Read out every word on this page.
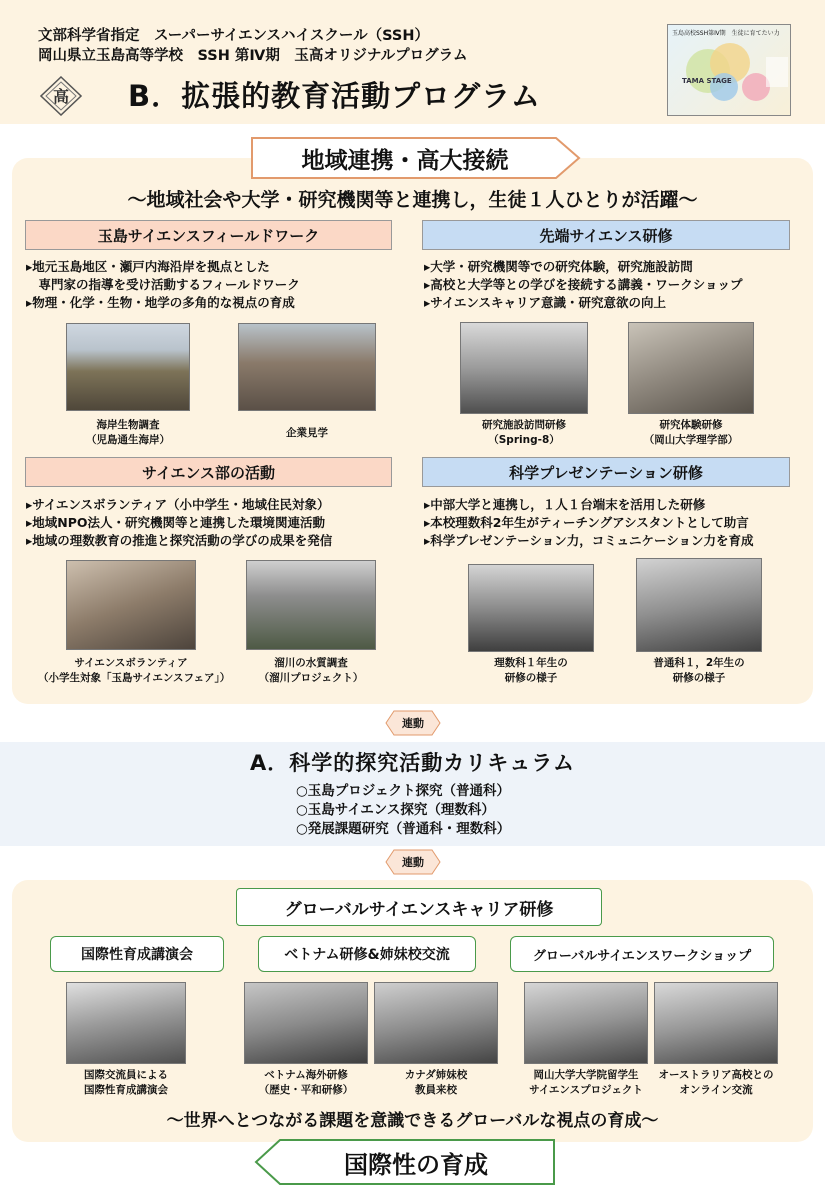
文部科学省指定　スーパーサイエンスハイスクール（SSH）
岡山県立玉島高等学校　SSH 第Ⅳ期　玉高オリジナルプログラム
高 B．拡張的教育活動プログラム
玉島高校SSH第Ⅳ期　生徒に育てたい力
TAMA STAGE
地域連携・高大接続
～地域社会や大学・研究機関等と連携し，生徒１人ひとりが活躍～
玉島サイエンスフィールドワーク
▸地元玉島地区・瀬戸内海沿岸を拠点とした
　専門家の指導を受け活動するフィールドワーク
▸物理・化学・生物・地学の多角的な視点の育成
海岸生物調査
（児島通生海岸）
企業見学
先端サイエンス研修
▸大学・研究機関等での研究体験，研究施設訪問
▸高校と大学等との学びを接続する講義・ワークショップ
▸サイエンスキャリア意識・研究意欲の向上
研究施設訪問研修
（Spring-8）
研究体験研修
（岡山大学理学部）
サイエンス部の活動
▸サイエンスボランティア（小中学生・地域住民対象）
▸地域NPO法人・研究機関等と連携した環境関連活動
▸地域の理数教育の推進と探究活動の学びの成果を発信
サイエンスボランティア
（小学生対象「玉島サイエンスフェア」）
溜川の水質調査
（溜川プロジェクト）
科学プレゼンテーション研修
▸中部大学と連携し，１人１台端末を活用した研修
▸本校理数科2年生がティーチングアシスタントとして助言
▸科学プレゼンテーション力，コミュニケーション力を育成
理数科１年生の
研修の様子
普通科１，2年生の
研修の様子
連動
A．科学的探究活動カリキュラム
○玉島プロジェクト探究（普通科）
○玉島サイエンス探究（理数科）
○発展課題研究（普通科・理数科）
連動
グローバルサイエンスキャリア研修
国際性育成講演会	ベトナム研修&姉妹校交流	グローバルサイエンスワークショップ
国際交流員による
国際性育成講演会
ベトナム海外研修
（歴史・平和研修）
カナダ姉妹校
教員来校
岡山大学大学院留学生
サイエンスプロジェクト
オーストラリア高校との
オンライン交流
～世界へとつながる課題を意識できるグローバルな視点の育成～
国際性の育成
